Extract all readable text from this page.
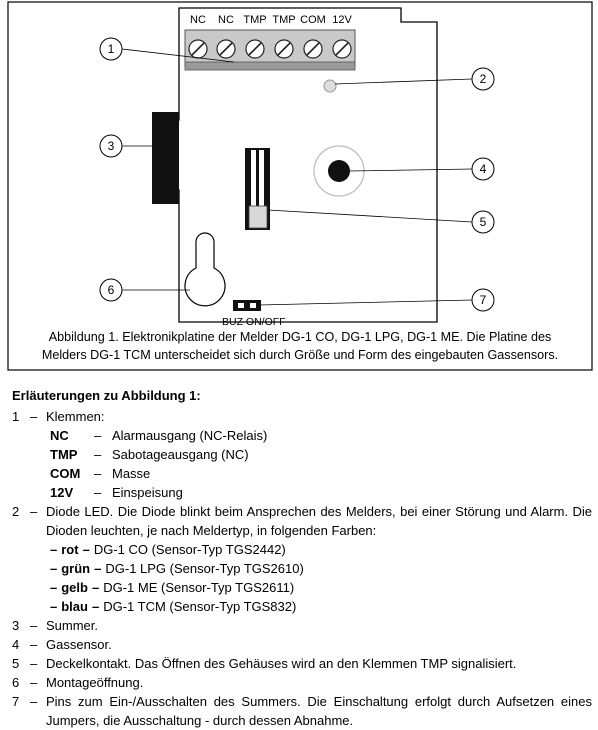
NC NC TMP TMP COM 12V
BUZ ON/OFF
1
2
3
4
5
6
7
Abbildung 1. Elektronikplatine der Melder DG-1 CO, DG-1 LPG, DG-1 ME. Die Platine des
Melders DG-1 TCM unterscheidet sich durch Größe und Form des eingebauten Gassensors.
Erläuterungen zu Abbildung 1:
1 – Klemmen:
NC	– Alarmausgang (NC-Relais)
TMP	– Sabotageausgang (NC)
COM	– Masse
12V	– Einspeisung
2 – Diode LED. Die Diode blinkt beim Ansprechen des Melders, bei einer Störung und Alarm. Die Dioden leuchten, je nach Meldertyp, in folgenden Farben:
– rot – DG-1 CO (Sensor-Typ TGS2442)
– grün – DG-1 LPG (Sensor-Typ TGS2610)
– gelb – DG-1 ME (Sensor-Typ TGS2611)
– blau – DG-1 TCM (Sensor-Typ TGS832)
3 – Summer.
4 – Gassensor.
5 – Deckelkontakt. Das Öffnen des Gehäuses wird an den Klemmen TMP signalisiert.
6 – Montageöffnung.
7 – Pins zum Ein-/Ausschalten des Summers. Die Einschaltung erfolgt durch Aufsetzen eines Jumpers, die Ausschaltung - durch dessen Abnahme.
